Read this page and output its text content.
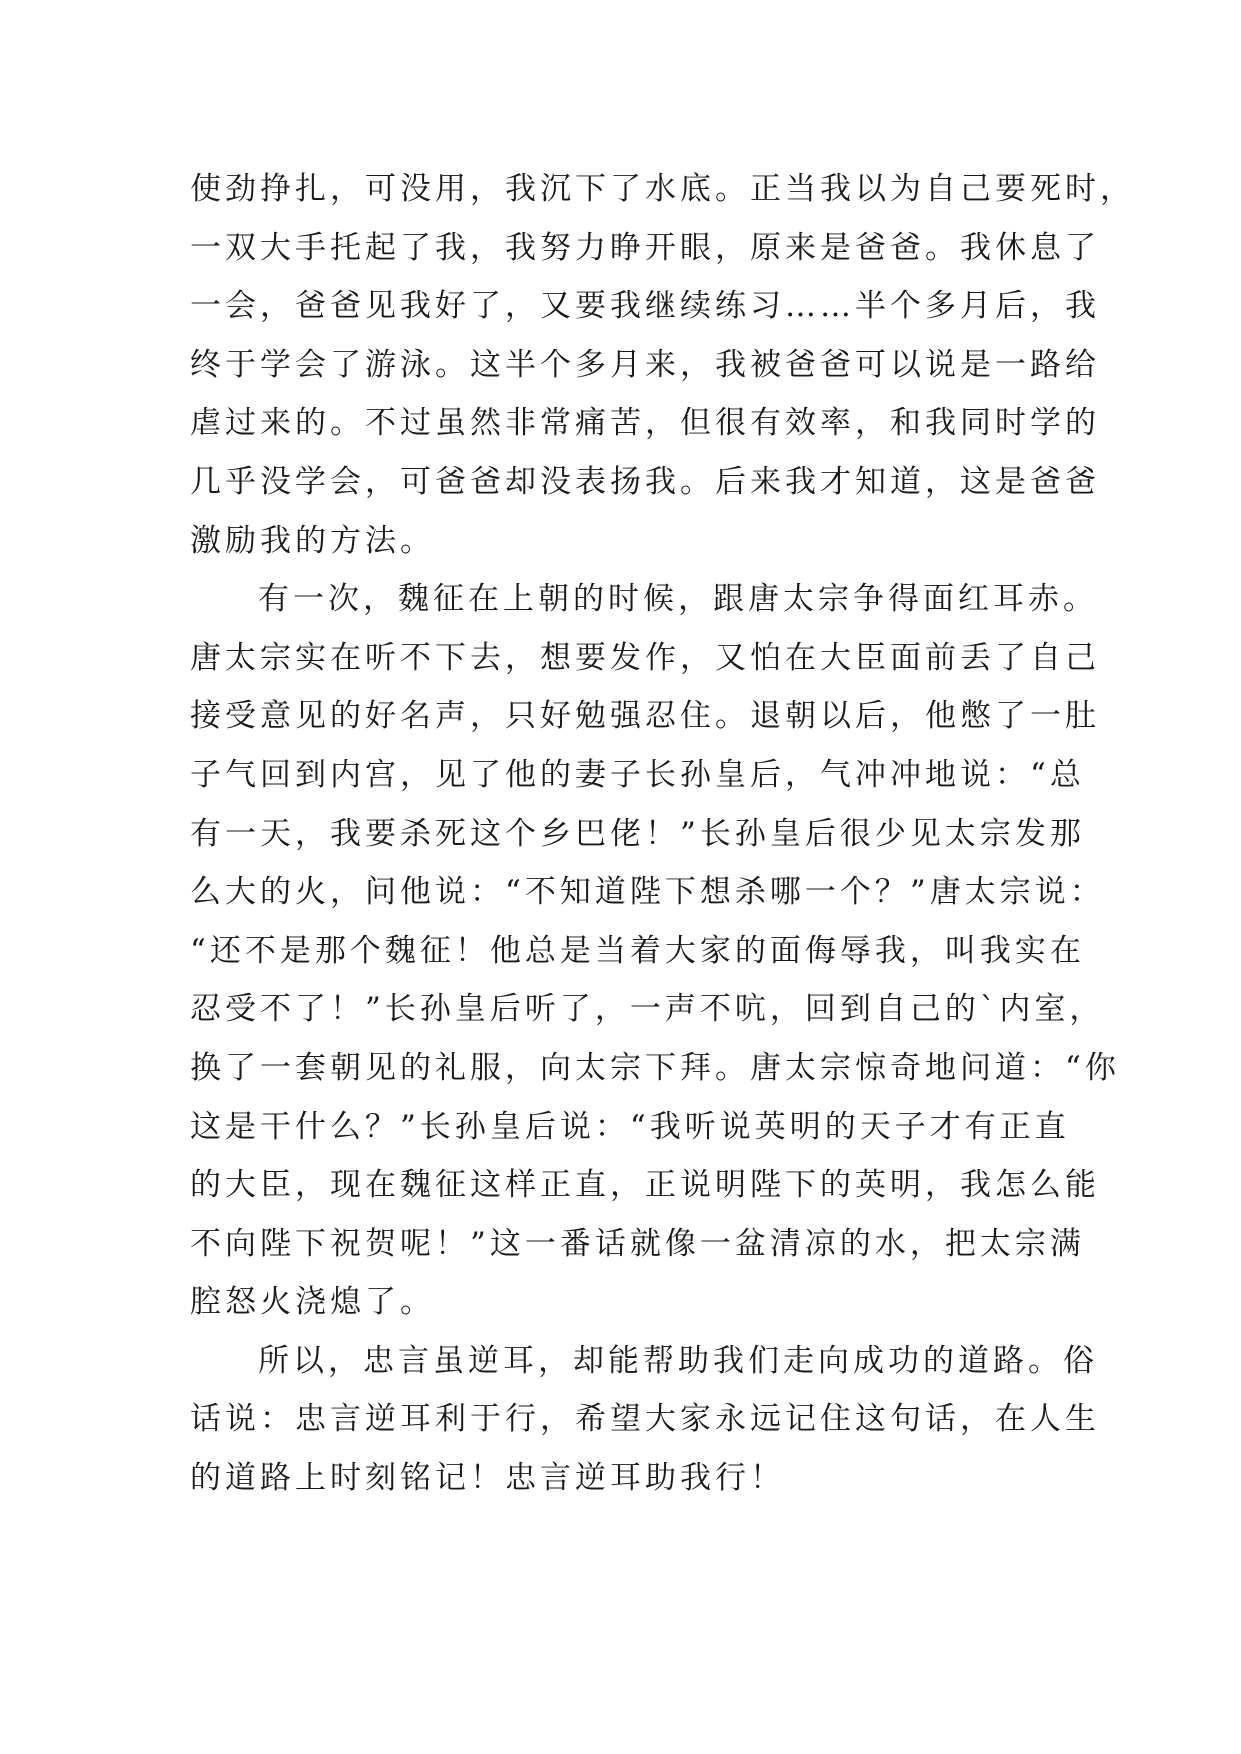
使劲挣扎，可没用，我沉下了水底。正当我以为自己要死时，
一双大手托起了我，我努力睁开眼，原来是爸爸。我休息了
一会，爸爸见我好了，又要我继续练习……半个多月后，我
终于学会了游泳。这半个多月来，我被爸爸可以说是一路给
虐过来的。不过虽然非常痛苦，但很有效率，和我同时学的
几乎没学会，可爸爸却没表扬我。后来我才知道，这是爸爸
激励我的方法。
有一次，魏征在上朝的时候，跟唐太宗争得面红耳赤。
唐太宗实在听不下去，想要发作，又怕在大臣面前丢了自己
接受意见的好名声，只好勉强忍住。退朝以后，他憋了一肚
子气回到内宫，见了他的妻子长孙皇后，气冲冲地说：“总
有一天，我要杀死这个乡巴佬！”长孙皇后很少见太宗发那
么大的火，问他说：“不知道陛下想杀哪一个？”唐太宗说：
“还不是那个魏征！他总是当着大家的面侮辱我，叫我实在
忍受不了！”长孙皇后听了，一声不吭，回到自己的`内室，
换了一套朝见的礼服，向太宗下拜。唐太宗惊奇地问道：“你
这是干什么？”长孙皇后说：“我听说英明的天子才有正直
的大臣，现在魏征这样正直，正说明陛下的英明，我怎么能
不向陛下祝贺呢！”这一番话就像一盆清凉的水，把太宗满
腔怒火浇熄了。
所以，忠言虽逆耳，却能帮助我们走向成功的道路。俗
话说：忠言逆耳利于行，希望大家永远记住这句话，在人生
的道路上时刻铭记！忠言逆耳助我行！
